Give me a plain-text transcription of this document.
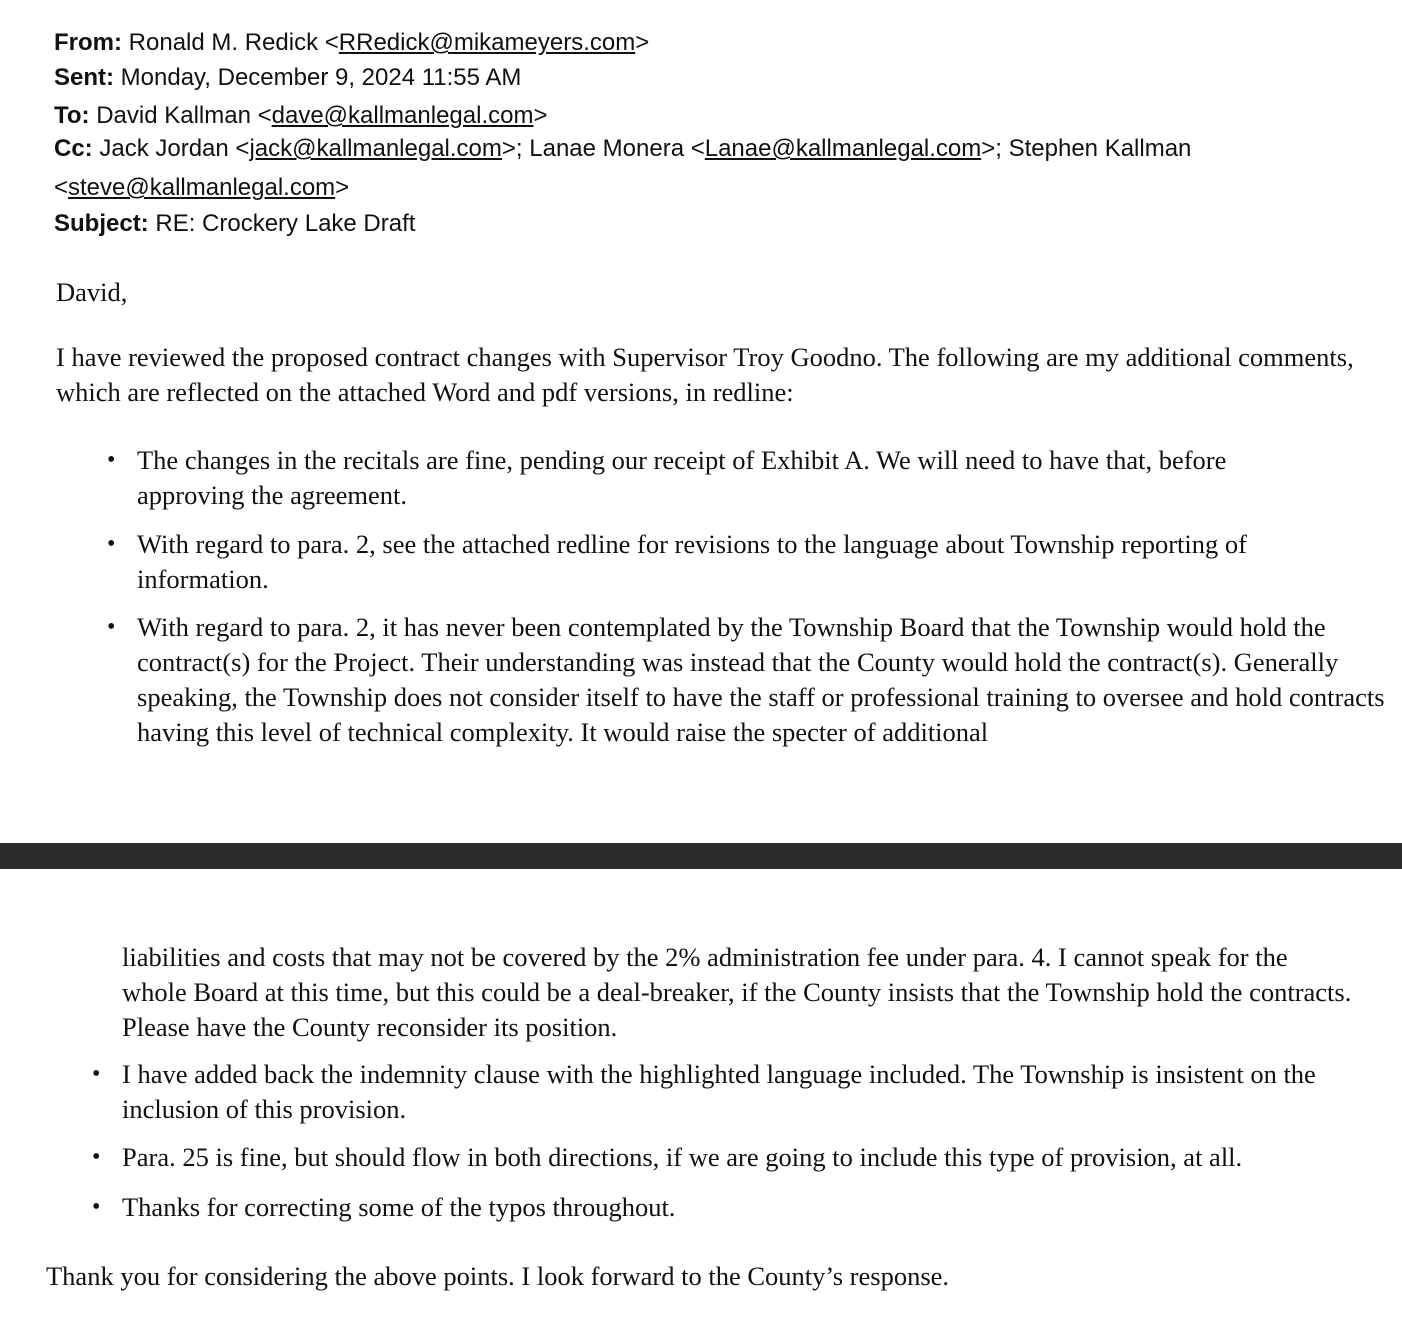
From: Ronald M. Redick <RRedick@mikameyers.com>
Sent: Monday, December 9, 2024 11:55 AM
To: David Kallman <dave@kallmanlegal.com>
Cc: Jack Jordan <jack@kallmanlegal.com>; Lanae Monera <Lanae@kallmanlegal.com>; Stephen Kallman
<steve@kallmanlegal.com>
Subject: RE: Crockery Lake Draft
David,
I have reviewed the proposed contract changes with Supervisor Troy Goodno. The following are my additional comments, which are reflected on the attached Word and pdf versions, in redline:
• The changes in the recitals are fine, pending our receipt of Exhibit A. We will need to have that, before approving the agreement.
• With regard to para. 2, see the attached redline for revisions to the language about Township reporting of information.
• With regard to para. 2, it has never been contemplated by the Township Board that the Township would hold the contract(s) for the Project. Their understanding was instead that the County would hold the contract(s). Generally speaking, the Township does not consider itself to have the staff or professional training to oversee and hold contracts having this level of technical complexity. It would raise the specter of additional
liabilities and costs that may not be covered by the 2% administration fee under para. 4. I cannot speak for the whole Board at this time, but this could be a deal-breaker, if the County insists that the Township hold the contracts. Please have the County reconsider its position.
• I have added back the indemnity clause with the highlighted language included. The Township is insistent on the inclusion of this provision.
• Para. 25 is fine, but should flow in both directions, if we are going to include this type of provision, at all.
• Thanks for correcting some of the typos throughout.
Thank you for considering the above points. I look forward to the County’s response.
